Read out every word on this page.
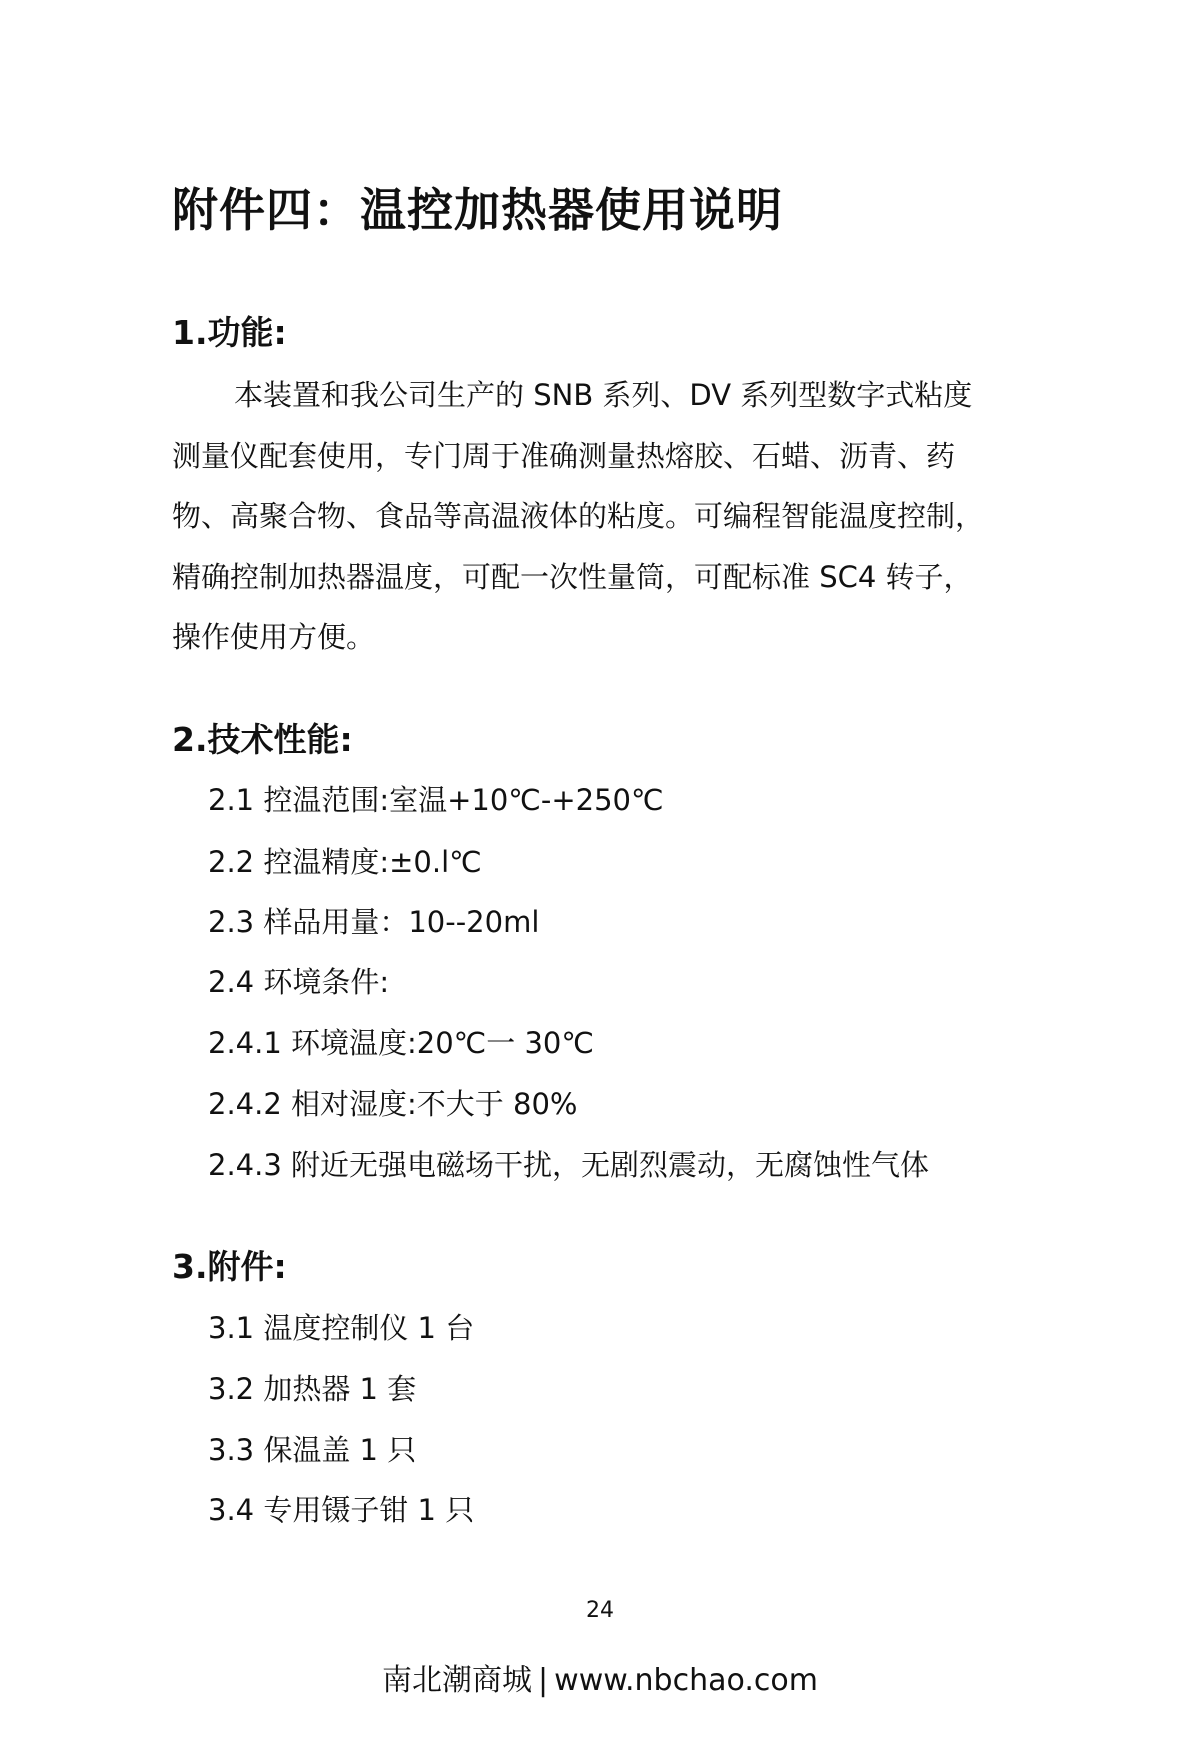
附件四：温控加热器使用说明
1.功能:
本装置和我公司生产的 SNB 系列、DV 系列型数字式粘度
测量仪配套使用，专门周于准确测量热熔胶、石蜡、沥青、药
物、高聚合物、食品等高温液体的粘度。可编程智能温度控制，
精确控制加热器温度，可配一次性量筒，可配标准 SC4 转子，
操作使用方便。
2.技术性能:

2.1 控温范围:室温+10℃-+250℃

2.2 控温精度:±0.l℃

2.3 样品用量：10--20ml

2.4 环境条件:

2.4.1 环境温度:20℃一 30℃

2.4.2 相对湿度:不大于 80%

2.4.3 附近无强电磁场干扰，无剧烈震动，无腐蚀性气体

3.附件:

3.1 温度控制仪 1 台

3.2 加热器 1 套

3.3 保温盖 1 只

3.4 专用镊子钳 1 只

24
南北潮商城 | www.nbchao.com
